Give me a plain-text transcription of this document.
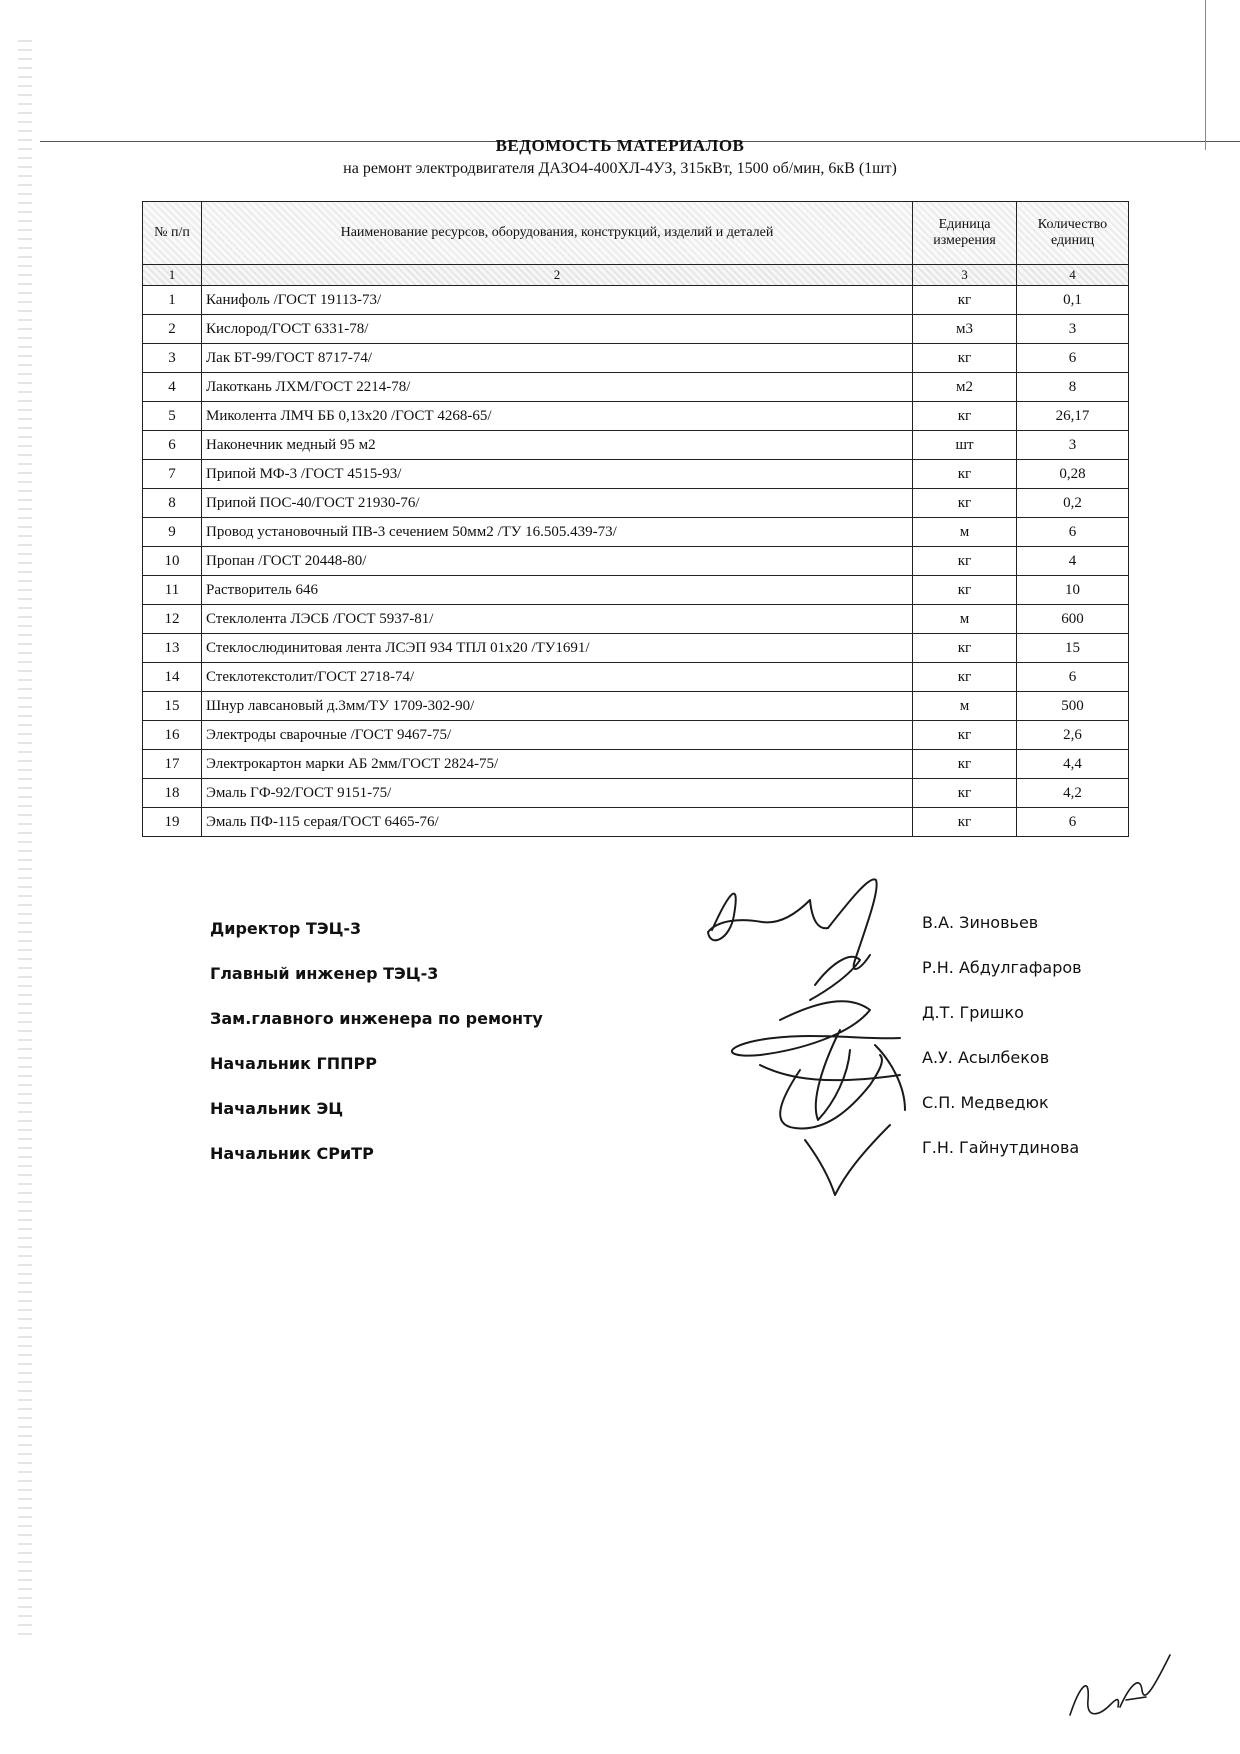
ВЕДОМОСТЬ МАТЕРИАЛОВ
на ремонт электродвигателя ДАЗО4-400ХЛ-4УЗ, 315кВт, 1500 об/мин, 6кВ (1шт)
№ п/п	Наименование ресурсов, оборудования, конструкций, изделий и деталей	Единица измерения	Количество единиц
1	2	3	4
1	Канифоль /ГОСТ 19113-73/	кг	0,1
2	Кислород/ГОСТ 6331-78/	м3	3
3	Лак БТ-99/ГОСТ 8717-74/	кг	6
4	Лакоткань ЛХМ/ГОСТ 2214-78/	м2	8
5	Миколента ЛМЧ ББ 0,13х20 /ГОСТ 4268-65/	кг	26,17
6	Наконечник медный 95 м2	шт	3
7	Припой МФ-3 /ГОСТ 4515-93/	кг	0,28
8	Припой ПОС-40/ГОСТ 21930-76/	кг	0,2
9	Провод установочный ПВ-3 сечением 50мм2 /ТУ 16.505.439-73/	м	6
10	Пропан /ГОСТ 20448-80/	кг	4
11	Растворитель 646	кг	10
12	Стеклолента ЛЭСБ /ГОСТ 5937-81/	м	600
13	Стеклослюдинитовая лента ЛСЭП 934 ТПЛ 01х20 /ТУ1691/	кг	15
14	Стеклотекстолит/ГОСТ 2718-74/	кг	6
15	Шнур лавсановый д.3мм/ТУ 1709-302-90/	м	500
16	Электроды сварочные /ГОСТ 9467-75/	кг	2,6
17	Электрокартон марки АБ 2мм/ГОСТ 2824-75/	кг	4,4
18	Эмаль ГФ-92/ГОСТ 9151-75/	кг	4,2
19	Эмаль ПФ-115 серая/ГОСТ 6465-76/	кг	6
Директор ТЭЦ-3
Главный инженер ТЭЦ-3
Зам.главного инженера по ремонту
Начальник ГППРР
Начальник ЭЦ
Начальник СРиТР
В.А. Зиновьев
Р.Н. Абдулгафаров
Д.Т. Гришко
А.У. Асылбеков
С.П. Медведюк
Г.Н. Гайнутдинова
